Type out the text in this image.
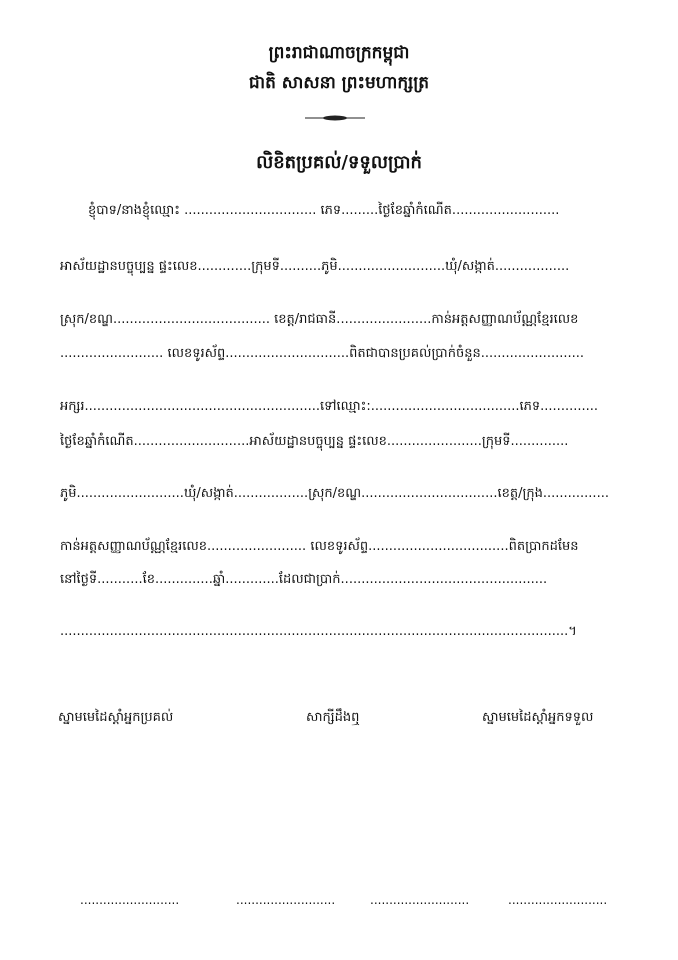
ព្រះរាជាណាចក្រកម្ពុជា
ជាតិ សាសនា ព្រះមហាក្សត្រ
លិខិតប្រគល់/ទទួលប្រាក់
ខ្ញុំបាទ/នាងខ្ញុំឈ្មោះ ................................ ភេទ.........ថ្ងៃខែឆ្នាំកំណើត..........................
អាស័យដ្ឋានបច្ចុប្បន្ន ផ្ទះលេខ.............ក្រុមទី..........ភូមិ..........................ឃុំ/សង្កាត់..................
ស្រុក/ខណ្ឌ...................................... ខេត្ត/រាជធានី.......................កាន់អត្តសញ្ញាណប័ណ្ណខ្មែរលេខ
......................... លេខទូរស័ព្ទ..............................ពិតជាបានប្រគល់ប្រាក់ចំនួន.........................
អក្សរ.........................................................ទៅឈ្មោះ:....................................ភេទ..............
ថ្ងៃខែឆ្នាំកំណើត............................អាស័យដ្ឋានបច្ចុប្បន្ន ផ្ទះលេខ.......................ក្រុមទី..............
ភូមិ..........................ឃុំ/សង្កាត់..................ស្រុក/ខណ្ឌ.................................ខេត្ត/ក្រុង................
កាន់អត្តសញ្ញាណប័ណ្ណខ្មែរលេខ........................ លេខទូរស័ព្ទ..................................ពិតប្រាកដមែន
នៅថ្ងៃទី...........ខែ..............ឆ្នាំ.............ដែលជាប្រាក់..................................................
...........................................................................................................................។
ស្នាមមេដៃស្តាំអ្នកប្រគល់	សាក្សីដឹងឮ	ស្នាមមេដៃស្តាំអ្នកទទួល
..........................	..........................	..........................	..........................
